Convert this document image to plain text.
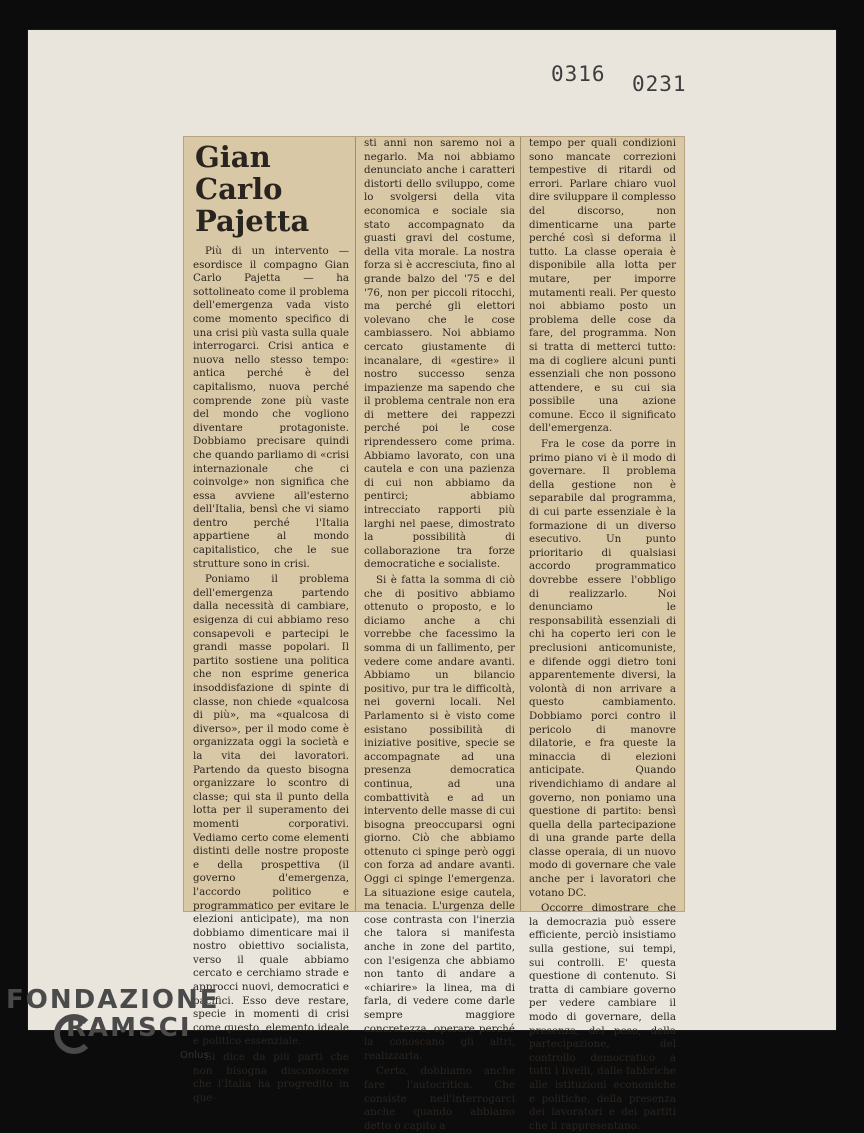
0316 0231
Gian Carlo
Pajetta

Più di un intervento — esordisce il compagno Gian Carlo Pajetta — ha sottolineato come il problema dell'emergenza vada visto come momento specifico di una crisi più vasta sulla quale interrogarci. Crisi antica e nuova nello stesso tempo: antica perché è del capitalismo, nuova perché comprende zone più vaste del mondo che vogliono diventare protagoniste. Dobbiamo precisare quindi che quando parliamo di «crisi internazionale che ci coinvolge» non significa che essa avviene all'esterno dell'Italia, bensì che vi siamo dentro perché l'Italia appartiene al mondo capitalistico, che le sue strutture sono in crisi.

Poniamo il problema dell'emergenza partendo dalla necessità di cambiare, esigenza di cui abbiamo reso consapevoli e partecipi le grandi masse popolari. Il partito sostiene una politica che non esprime generica insoddisfazione di spinte di classe, non chiede «qualcosa di più», ma «qualcosa di diverso», per il modo come è organizzata oggi la società e la vita dei lavoratori. Partendo da questo bisogna organizzare lo scontro di classe; qui sta il punto della lotta per il superamento dei momenti corporativi. Vediamo certo come elementi distinti delle nostre proposte e della prospettiva (il governo d'emergenza, l'accordo politico e programmatico per evitare le elezioni anticipate), ma non dobbiamo dimenticare mai il nostro obiettivo socialista, verso il quale abbiamo cercato e cerchiamo strade e approcci nuovi, democratici e pacifici. Esso deve restare, specie in momenti di crisi come questo, elemento ideale e politico essenziale.

Si dice da più parti che non bisogna disconoscere che l'Italia ha progredito in que-

sti anni non saremo noi a negarlo. Ma noi abbiamo denunciato anche i caratteri distorti dello sviluppo, come lo svolgersi della vita economica e sociale sia stato accompagnato da guasti gravi del costume, della vita morale. La nostra forza si è accresciuta, fino al grande balzo del '75 e del '76, non per piccoli ritocchi, ma perché gli elettori volevano che le cose cambiassero. Noi abbiamo cercato giustamente di incanalare, di «gestire» il nostro successo senza impazienze ma sapendo che il problema centrale non era di mettere dei rappezzi perché poi le cose riprendessero come prima. Abbiamo lavorato, con una cautela e con una pazienza di cui non abbiamo da pentirci; abbiamo intrecciato rapporti più larghi nel paese, dimostrato la possibilità di collaborazione tra forze democratiche e socialiste.

Si è fatta la somma di ciò che di positivo abbiamo ottenuto o proposto, e lo diciamo anche a chi vorrebbe che facessimo la somma di un fallimento, per vedere come andare avanti. Abbiamo un bilancio positivo, pur tra le difficoltà, nei governi locali. Nel Parlamento si è visto come esistano possibilità di iniziative positive, specie se accompagnate ad una presenza democratica continua, ad una combattività e ad un intervento delle masse di cui bisogna preoccuparsi ogni giorno. Ciò che abbiamo ottenuto ci spinge però oggi con forza ad andare avanti. Oggi ci spinge l'emergenza. La situazione esige cautela, ma tenacia. L'urgenza delle cose contrasta con l'inerzia che talora si manifesta anche in zone del partito, con l'esigenza che abbiamo non tanto di andare a «chiarire» la linea, ma di farla, di vedere come darle sempre maggiore concretezza, operare perché la conoscano gli altri, realizzarla.

Certo, dobbiamo anche fare l'autocritica. Che consiste nell'interrogarci anche quando abbiamo detto o capito a

tempo per quali condizioni sono mancate correzioni tempestive di ritardi od errori. Parlare chiaro vuol dire sviluppare il complesso del discorso, non dimenticarne una parte perché così si deforma il tutto. La classe operaia è disponibile alla lotta per mutare, per imporre mutamenti reali. Per questo noi abbiamo posto un problema delle cose da fare, del programma. Non si tratta di metterci tutto: ma di cogliere alcuni punti essenziali che non possono attendere, e su cui sia possibile una azione comune. Ecco il significato dell'emergenza.

Fra le cose da porre in primo piano vi è il modo di governare. Il problema della gestione non è separabile dal programma, di cui parte essenziale è la formazione di un diverso esecutivo. Un punto prioritario di qualsiasi accordo programmatico dovrebbe essere l'obbligo di realizzarlo. Noi denunciamo le responsabilità essenziali di chi ha coperto ieri con le preclusioni anticomuniste, e difende oggi dietro toni apparentemente diversi, la volontà di non arrivare a questo cambiamento. Dobbiamo porci contro il pericolo di manovre dilatorie, e fra queste la minaccia di elezioni anticipate. Quando rivendichiamo di andare al governo, non poniamo una questione di partito: bensì quella della partecipazione di una grande parte della classe operaia, di un nuovo modo di governare che vale anche per i lavoratori che votano DC.

Occorre dimostrare che la democrazia può essere efficiente, perciò insistiamo sulla gestione, sui tempi, sui controlli. E' questa questione di contenuto. Si tratta di cambiare governo per vedere cambiare il modo di governare, della presenza, del peso, della partecipazione, del controllo democratico a tutti i livelli, dalle fabbriche alle istituzioni economiche e politiche, della presenza dei lavoratori e dei partiti che li rappresentano.

FONDAZIONE
RAMSCI
Onlus
